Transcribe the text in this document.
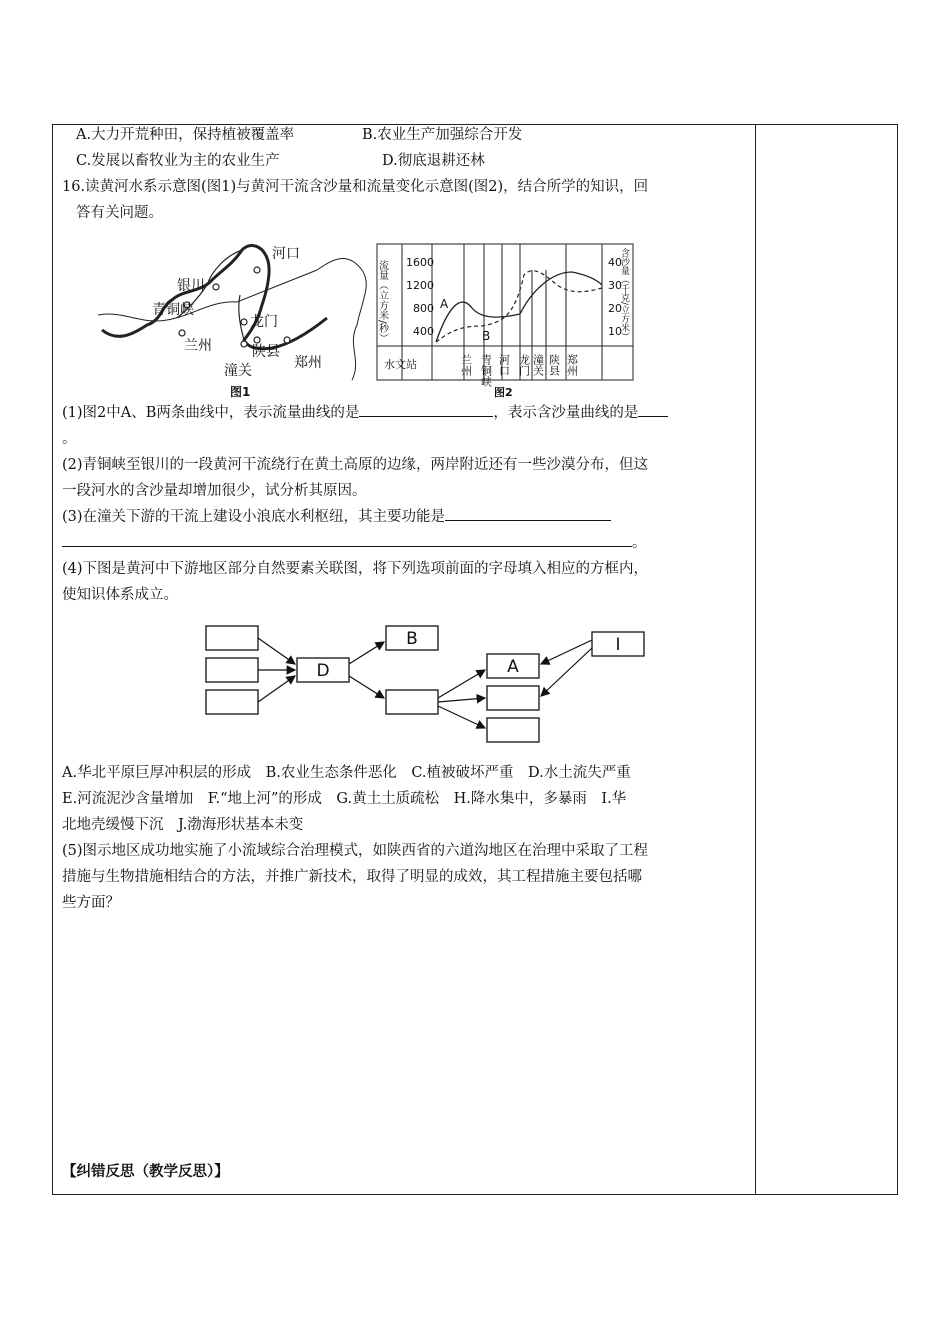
A.大力开荒种田，保持植被覆盖率	B.农业生产加强综合开发
C.发展以畜牧业为主的农业生产	D.彻底退耕还林
16.读黄河水系示意图(图1)与黄河干流含沙量和流量变化示意图(图2)，结合所学的知识，回
答有关问题。
河口
银川
青铜峡
龙门
兰州	陕县
潼关	郑州
图1
流量（立方米/秒） 1600
1200
800
400
40
30
20
10
含沙量（千克/立方米）
A
B
水文站	兰州 青铜峡 河口 龙门 潼关 陕县 郑州
图2
(1)图2中A、B两条曲线中，表示流量曲线的是	，表示含沙量曲线的是
。
(2)青铜峡至银川的一段黄河干流绕行在黄土高原的边缘，两岸附近还有一些沙漠分布，但这
一段河水的含沙量却增加很少，试分析其原因。
(3)在潼关下游的干流上建设小浪底水利枢纽，其主要功能是
。
(4)下图是黄河中下游地区部分自然要素关联图，将下列选项前面的字母填入相应的方框内，
使知识体系成立。
D
B
A
I
A.华北平原巨厚冲积层的形成　B.农业生态条件恶化　C.植被破坏严重　D.水土流失严重
E.河流泥沙含量增加　F.“地上河”的形成　G.黄土土质疏松　H.降水集中，多暴雨　I.华
北地壳缓慢下沉　J.渤海形状基本未变
(5)图示地区成功地实施了小流域综合治理模式，如陕西省的六道沟地区在治理中采取了工程
措施与生物措施相结合的方法，并推广新技术，取得了明显的成效，其工程措施主要包括哪
些方面？
【纠错反思（教学反思）】
